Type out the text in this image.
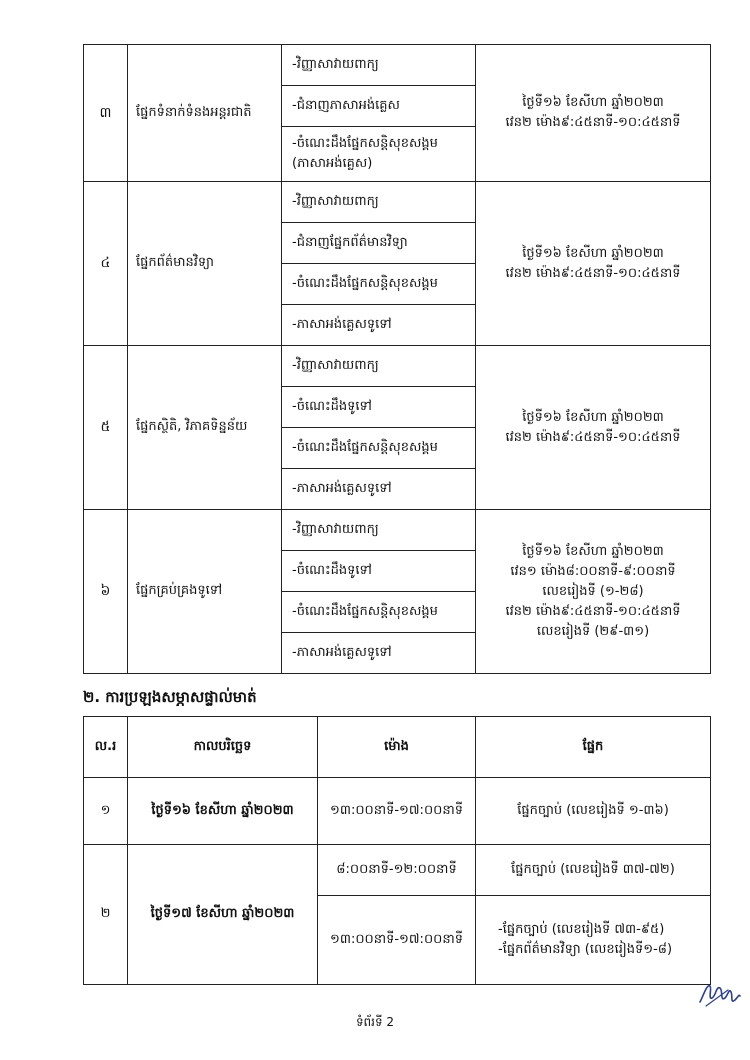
៣	ផ្នែកទំនាក់ទំនងអន្តរជាតិ	-វិញ្ញាសាវាយពាក្យ	ថ្ងៃទី១៦ ខែសីហា ឆ្នាំ២០២៣
វេន២ ម៉ោង៩:៤៥នាទី-១០:៤៥នាទី

		-ជំនាញភាសាអង់គ្លេស	
		-ចំណេះដឹងផ្នែកសន្តិសុខសង្គម (ភាសាអង់គ្លេស)	
៤	ផ្នែកព័ត៌មានវិទ្យា	-វិញ្ញាសាវាយពាក្យ	ថ្ងៃទី១៦ ខែសីហា ឆ្នាំ២០២៣
វេន២ ម៉ោង៩:៤៥នាទី-១០:៤៥នាទី

		-ជំនាញផ្នែកព័ត៌មានវិទ្យា	
		-ចំណេះដឹងផ្នែកសន្តិសុខសង្គម	
		-ភាសាអង់គ្លេសទូទៅ	
៥	ផ្នែកស្ថិតិ, វិភាគទិន្នន័យ	-វិញ្ញាសាវាយពាក្យ	ថ្ងៃទី១៦ ខែសីហា ឆ្នាំ២០២៣
វេន២ ម៉ោង៩:៤៥នាទី-១០:៤៥នាទី

		-ចំណេះដឹងទូទៅ	
		-ចំណេះដឹងផ្នែកសន្តិសុខសង្គម	
		-ភាសាអង់គ្លេសទូទៅ	
៦	ផ្នែកគ្រប់គ្រងទូទៅ	-វិញ្ញាសាវាយពាក្យ	ថ្ងៃទី១៦ ខែសីហា ឆ្នាំ២០២៣
វេន១ ម៉ោង៨:០០នាទី-៩:០០នាទី
លេខរៀងទី (១-២៨)
វេន២ ម៉ោង៩:៤៥នាទី-១០:៤៥នាទី
លេខរៀងទី (២៩-៣១)

		-ចំណេះដឹងទូទៅ	
		-ចំណេះដឹងផ្នែកសន្តិសុខសង្គម	
		-ភាសាអង់គ្លេសទូទៅ	
២. ការប្រឡងសម្ភាសផ្ទាល់មាត់
ល.រ	កាលបរិច្ឆេទ	ម៉ោង	ផ្នែក
១	ថ្ងៃទី១៦ ខែសីហា ឆ្នាំ២០២៣	១៣:០០នាទី-១៧:០០នាទី	ផ្នែកច្បាប់ (លេខរៀងទី ១-៣៦)
២	ថ្ងៃទី១៧ ខែសីហា ឆ្នាំ២០២៣	៨:០០នាទី-១២:០០នាទី	ផ្នែកច្បាប់ (លេខរៀងទី ៣៧-៧២)
		១៣:០០នាទី-១៧:០០នាទី	-ផ្នែកច្បាប់ (លេខរៀងទី ៧៣-៩៥)
-ផ្នែកព័ត៌មានវិទ្យា (លេខរៀងទី១-៨)
ទំព័រទី 2
